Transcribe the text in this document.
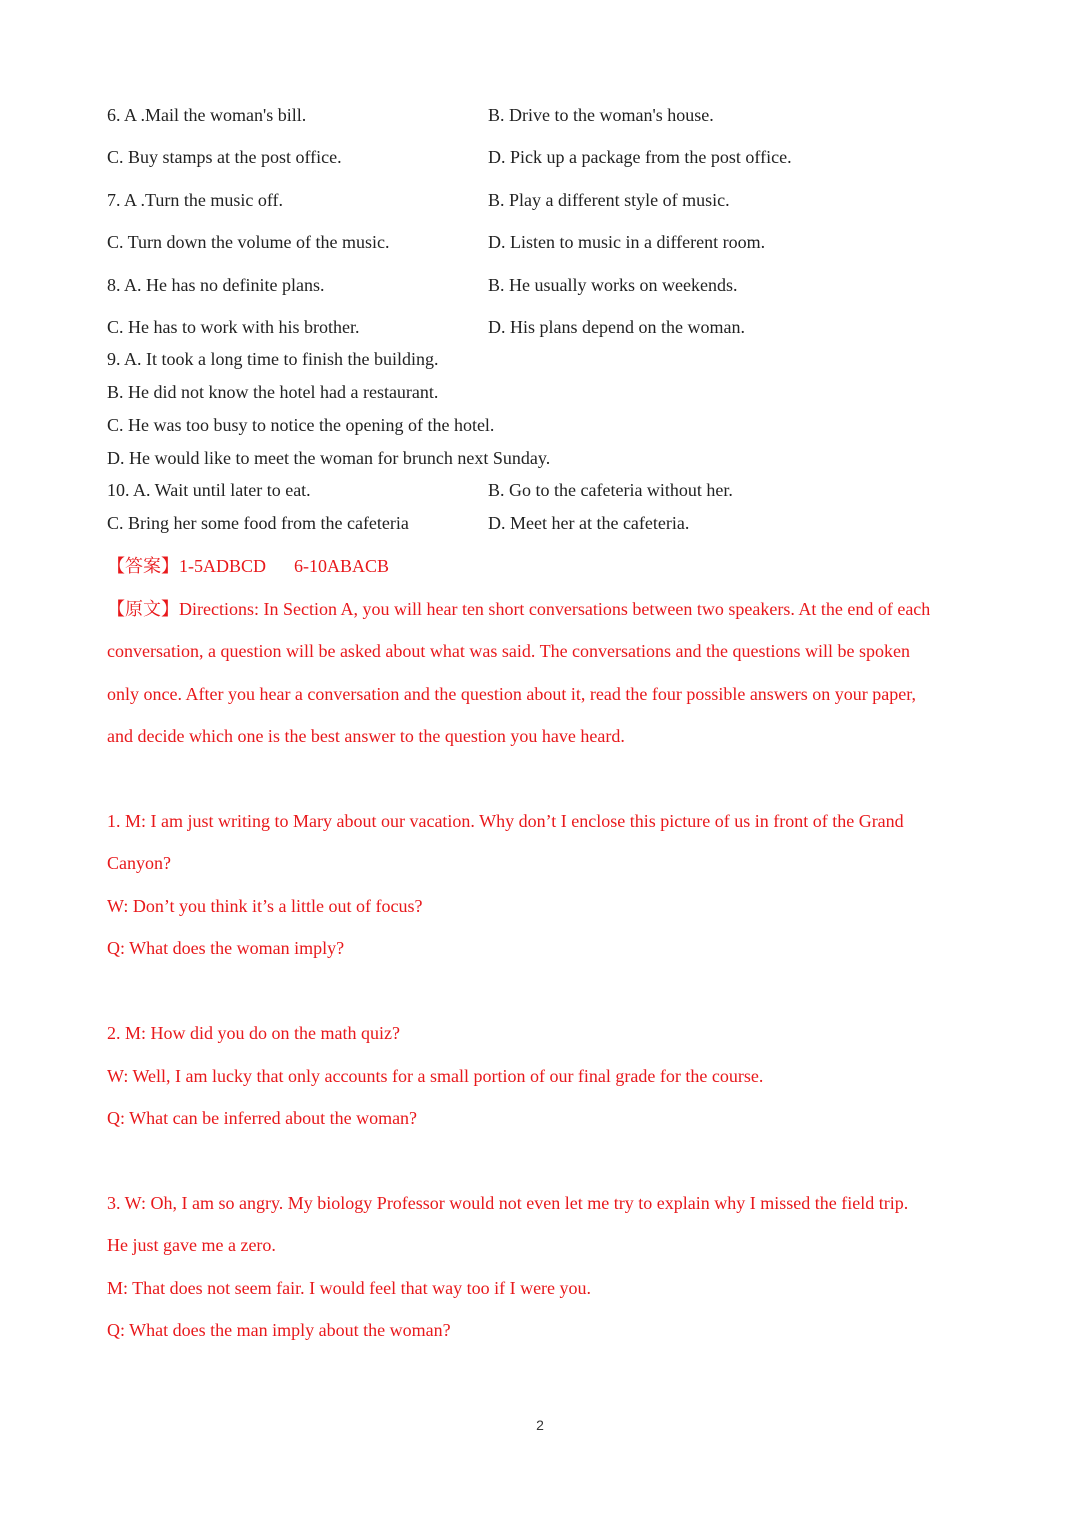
6. A .Mail the woman's bill.	B. Drive to the woman's house.
C. Buy stamps at the post office.	D. Pick up a package from the post office.
7. A .Turn the music off.	B. Play a different style of music.
C. Turn down the volume of the music.	D. Listen to music in a different room.
8. A. He has no definite plans.	B. He usually works on weekends.
C. He has to work with his brother.	D. His plans depend on the woman.
9. A. It took a long time to finish the building.
B. He did not know the hotel had a restaurant.
C. He was too busy to notice the opening of the hotel.
D. He would like to meet the woman for brunch next Sunday.
10. A. Wait until later to eat.	B. Go to the cafeteria without her.
C. Bring her some food from the cafeteria	D. Meet her at the cafeteria.
【答案】1-5ADBCD 6-10ABACB
【原文】Directions: In Section A, you will hear ten short conversations between two speakers. At the end of each
conversation, a question will be asked about what was said. The conversations and the questions will be spoken
only once. After you hear a conversation and the question about it, read the four possible answers on your paper,
and decide which one is the best answer to the question you have heard.
1. M: I am just writing to Mary about our vacation. Why don’t I enclose this picture of us in front of the Grand
Canyon?
W: Don’t you think it’s a little out of focus?
Q: What does the woman imply?
2. M: How did you do on the math quiz?
W: Well, I am lucky that only accounts for a small portion of our final grade for the course.
Q: What can be inferred about the woman?
3. W: Oh, I am so angry. My biology Professor would not even let me try to explain why I missed the field trip.
He just gave me a zero.
M: That does not seem fair. I would feel that way too if I were you.
Q: What does the man imply about the woman?
2
